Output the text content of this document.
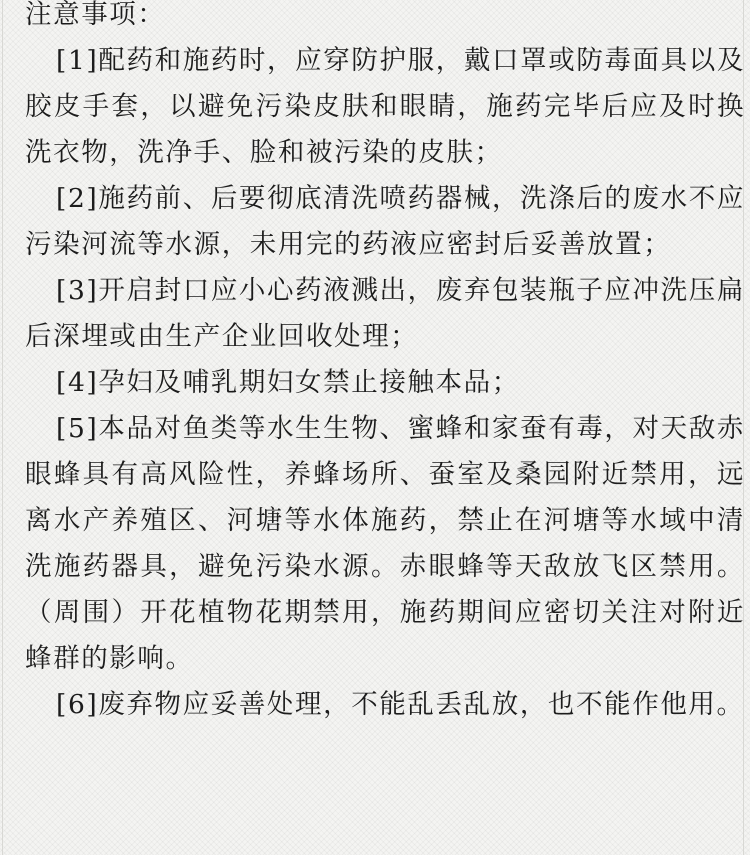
注意事项：

[1]配药和施药时，应穿防护服，戴口罩或防毒面具以及胶皮手套，以避免污染皮肤和眼睛，施药完毕后应及时换洗衣物，洗净手、脸和被污染的皮肤；

[2]施药前、后要彻底清洗喷药器械，洗涤后的废水不应污染河流等水源，未用完的药液应密封后妥善放置；

[3]开启封口应小心药液溅出，废弃包装瓶子应冲洗压扁后深埋或由生产企业回收处理；

[4]孕妇及哺乳期妇女禁止接触本品；

[5]本品对鱼类等水生生物、蜜蜂和家蚕有毒，对天敌赤眼蜂具有高风险性，养蜂场所、蚕室及桑园附近禁用，远离水产养殖区、河塘等水体施药，禁止在河塘等水域中清洗施药器具，避免污染水源。赤眼蜂等天敌放飞区禁用。（周围）开花植物花期禁用，施药期间应密切关注对附近蜂群的影响。

[6]废弃物应妥善处理，不能乱丢乱放，也不能作他用。
